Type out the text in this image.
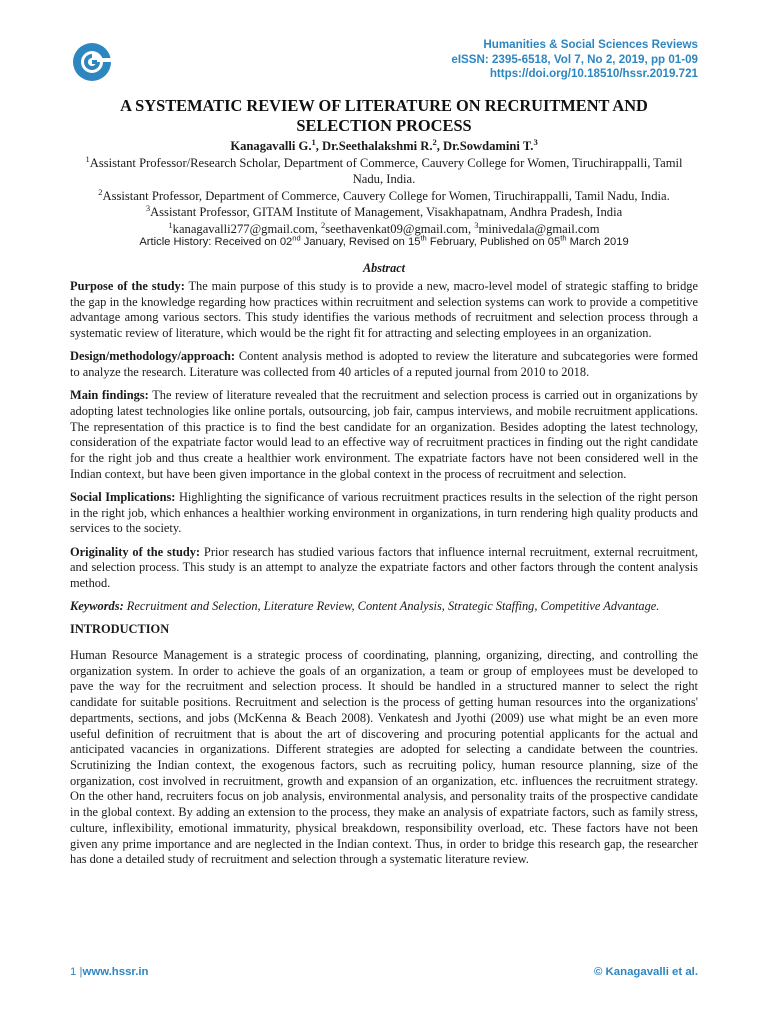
Humanities & Social Sciences Reviews
eISSN: 2395-6518, Vol 7, No 2, 2019, pp 01-09
https://doi.org/10.18510/hssr.2019.721
A SYSTEMATIC REVIEW OF LITERATURE ON RECRUITMENT AND
SELECTION PROCESS
Kanagavalli G.$^1$, Dr.Seethalakshmi R.$^2$, Dr.Sowdamini T.$^3$
$^1$Assistant Professor/Research Scholar, Department of Commerce, Cauvery College for Women, Tiruchirappalli, Tamil Nadu, India.
$^2$Assistant Professor, Department of Commerce, Cauvery College for Women, Tiruchirappalli, Tamil Nadu, India.
$^3$Assistant Professor, GITAM Institute of Management, Visakhapatnam, Andhra Pradesh, India
$^1$kanagavalli277@gmail.com, $^2$seethavenkat09@gmail.com, $^3$minivedala@gmail.com
Article History: Received on 02nd January, Revised on 15th February, Published on 05th March 2019
Abstract

Purpose of the study: The main purpose of this study is to provide a new, macro-level model of strategic staffing to bridge the gap in the knowledge regarding how practices within recruitment and selection systems can work to provide a competitive advantage among various sectors. This study identifies the various methods of recruitment and selection process through a systematic review of literature, which would be the right fit for attracting and selecting employees in an organization.

Design/methodology/approach: Content analysis method is adopted to review the literature and subcategories were formed to analyze the research. Literature was collected from 40 articles of a reputed journal from 2010 to 2018.

Main findings: The review of literature revealed that the recruitment and selection process is carried out in organizations by adopting latest technologies like online portals, outsourcing, job fair, campus interviews, and mobile recruitment applications. The representation of this practice is to find the best candidate for an organization. Besides adopting the latest technology, consideration of the expatriate factor would lead to an effective way of recruitment practices in finding out the right candidate for the right job and thus create a healthier work environment. The expatriate factors have not been considered well in the Indian context, but have been given importance in the global context in the process of recruitment and selection.

Social Implications: Highlighting the significance of various recruitment practices results in the selection of the right person in the right job, which enhances a healthier working environment in organizations, in turn rendering high quality products and services to the society.

Originality of the study: Prior research has studied various factors that influence internal recruitment, external recruitment, and selection process. This study is an attempt to analyze the expatriate factors and other factors through the content analysis method.

Keywords: Recruitment and Selection, Literature Review, Content Analysis, Strategic Staffing, Competitive Advantage.

INTRODUCTION

Human Resource Management is a strategic process of coordinating, planning, organizing, directing, and controlling the organization system. In order to achieve the goals of an organization, a team or group of employees must be developed to pave the way for the recruitment and selection process. It should be handled in a structured manner to select the right candidate for suitable positions. Recruitment and selection is the process of getting human resources into the organizations' departments, sections, and jobs (McKenna & Beach 2008). Venkatesh and Jyothi (2009) use what might be an even more useful definition of recruitment that is about the art of discovering and procuring potential applicants for the actual and anticipated vacancies in organizations. Different strategies are adopted for selecting a candidate between the countries. Scrutinizing the Indian context, the exogenous factors, such as recruiting policy, human resource planning, size of the organization, cost involved in recruitment, growth and expansion of an organization, etc. influences the recruitment strategy. On the other hand, recruiters focus on job analysis, environmental analysis, and personality traits of the prospective candidate in the global context. By adding an extension to the process, they make an analysis of expatriate factors, such as family stress, culture, inflexibility, emotional immaturity, physical breakdown, responsibility overload, etc. These factors have not been given any prime importance and are neglected in the Indian context. Thus, in order to bridge this research gap, the researcher has done a detailed study of recruitment and selection through a systematic literature review.

1 |www.hssr.in	© Kanagavalli et al.
